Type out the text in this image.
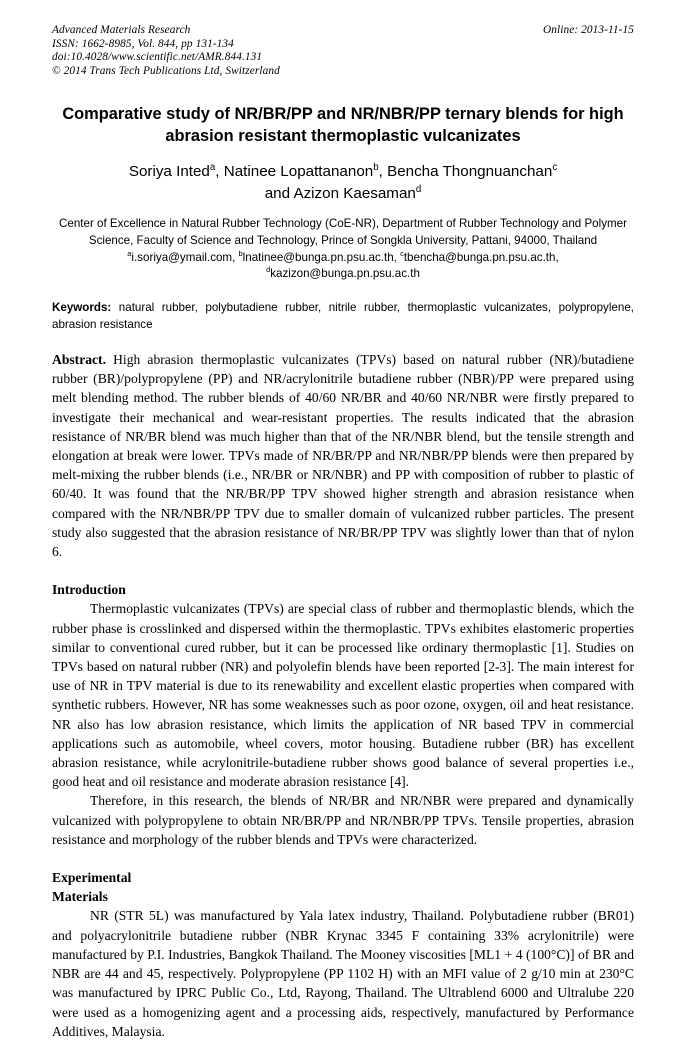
Advanced Materials Research
ISSN: 1662-8985, Vol. 844, pp 131-134
doi:10.4028/www.scientific.net/AMR.844.131
© 2014 Trans Tech Publications Ltd, Switzerland
Online: 2013-11-15
Comparative study of NR/BR/PP and NR/NBR/PP ternary blends for high abrasion resistant thermoplastic vulcanizates
Soriya Inted$^a$, Natinee Lopattananon$^b$, Bencha Thongnuanchan$^c$
and Azizon Kaesaman$^d$
Center of Excellence in Natural Rubber Technology (CoE-NR), Department of Rubber Technology and Polymer Science, Faculty of Science and Technology, Prince of Songkla University, Pattani, 94000, Thailand
$^a$i.soriya@ymail.com, $^b$lnatinee@bunga.pn.psu.ac.th, $^c$tbencha@bunga.pn.psu.ac.th,
$^d$kazizon@bunga.pn.psu.ac.th
Keywords: natural rubber, polybutadiene rubber, nitrile rubber, thermoplastic vulcanizates, polypropylene, abrasion resistance
Abstract. High abrasion thermoplastic vulcanizates (TPVs) based on natural rubber (NR)/butadiene rubber (BR)/polypropylene (PP) and NR/acrylonitrile butadiene rubber (NBR)/PP were prepared using melt blending method. The rubber blends of 40/60 NR/BR and 40/60 NR/NBR were firstly prepared to investigate their mechanical and wear-resistant properties. The results indicated that the abrasion resistance of NR/BR blend was much higher than that of the NR/NBR blend, but the tensile strength and elongation at break were lower. TPVs made of NR/BR/PP and NR/NBR/PP blends were then prepared by melt-mixing the rubber blends (i.e., NR/BR or NR/NBR) and PP with composition of rubber to plastic of 60/40. It was found that the NR/BR/PP TPV showed higher strength and abrasion resistance when compared with the NR/NBR/PP TPV due to smaller domain of vulcanized rubber particles. The present study also suggested that the abrasion resistance of NR/BR/PP TPV was slightly lower than that of nylon 6.
Introduction
Thermoplastic vulcanizates (TPVs) are special class of rubber and thermoplastic blends, which the rubber phase is crosslinked and dispersed within the thermoplastic. TPVs exhibites elastomeric properties similar to conventional cured rubber, but it can be processed like ordinary thermoplastic [1]. Studies on TPVs based on natural rubber (NR) and polyolefin blends have been reported [2-3]. The main interest for use of NR in TPV material is due to its renewability and excellent elastic properties when compared with synthetic rubbers. However, NR has some weaknesses such as poor ozone, oxygen, oil and heat resistance. NR also has low abrasion resistance, which limits the application of NR based TPV in commercial applications such as automobile, wheel covers, motor housing. Butadiene rubber (BR) has excellent abrasion resistance, while acrylonitrile-butadiene rubber shows good balance of several properties i.e., good heat and oil resistance and moderate abrasion resistance [4].
Therefore, in this research, the blends of NR/BR and NR/NBR were prepared and dynamically vulcanized with polypropylene to obtain NR/BR/PP and NR/NBR/PP TPVs. Tensile properties, abrasion resistance and morphology of the rubber blends and TPVs were characterized.
Experimental
Materials
NR (STR 5L) was manufactured by Yala latex industry, Thailand. Polybutadiene rubber (BR01) and polyacrylonitrile butadiene rubber (NBR Krynac 3345 F containing 33% acrylonitrile) were manufactured by P.I. Industries, Bangkok Thailand. The Mooney viscosities [ML1 + 4 (100°C)] of BR and NBR are 44 and 45, respectively. Polypropylene (PP 1102 H) with an MFI value of 2 g/10 min at 230°C was manufactured by IPRC Public Co., Ltd, Rayong, Thailand. The Ultrablend 6000 and Ultralube 220 were used as a homogenizing agent and a processing aids, respectively, manufactured by Performance Additives, Malaysia.
